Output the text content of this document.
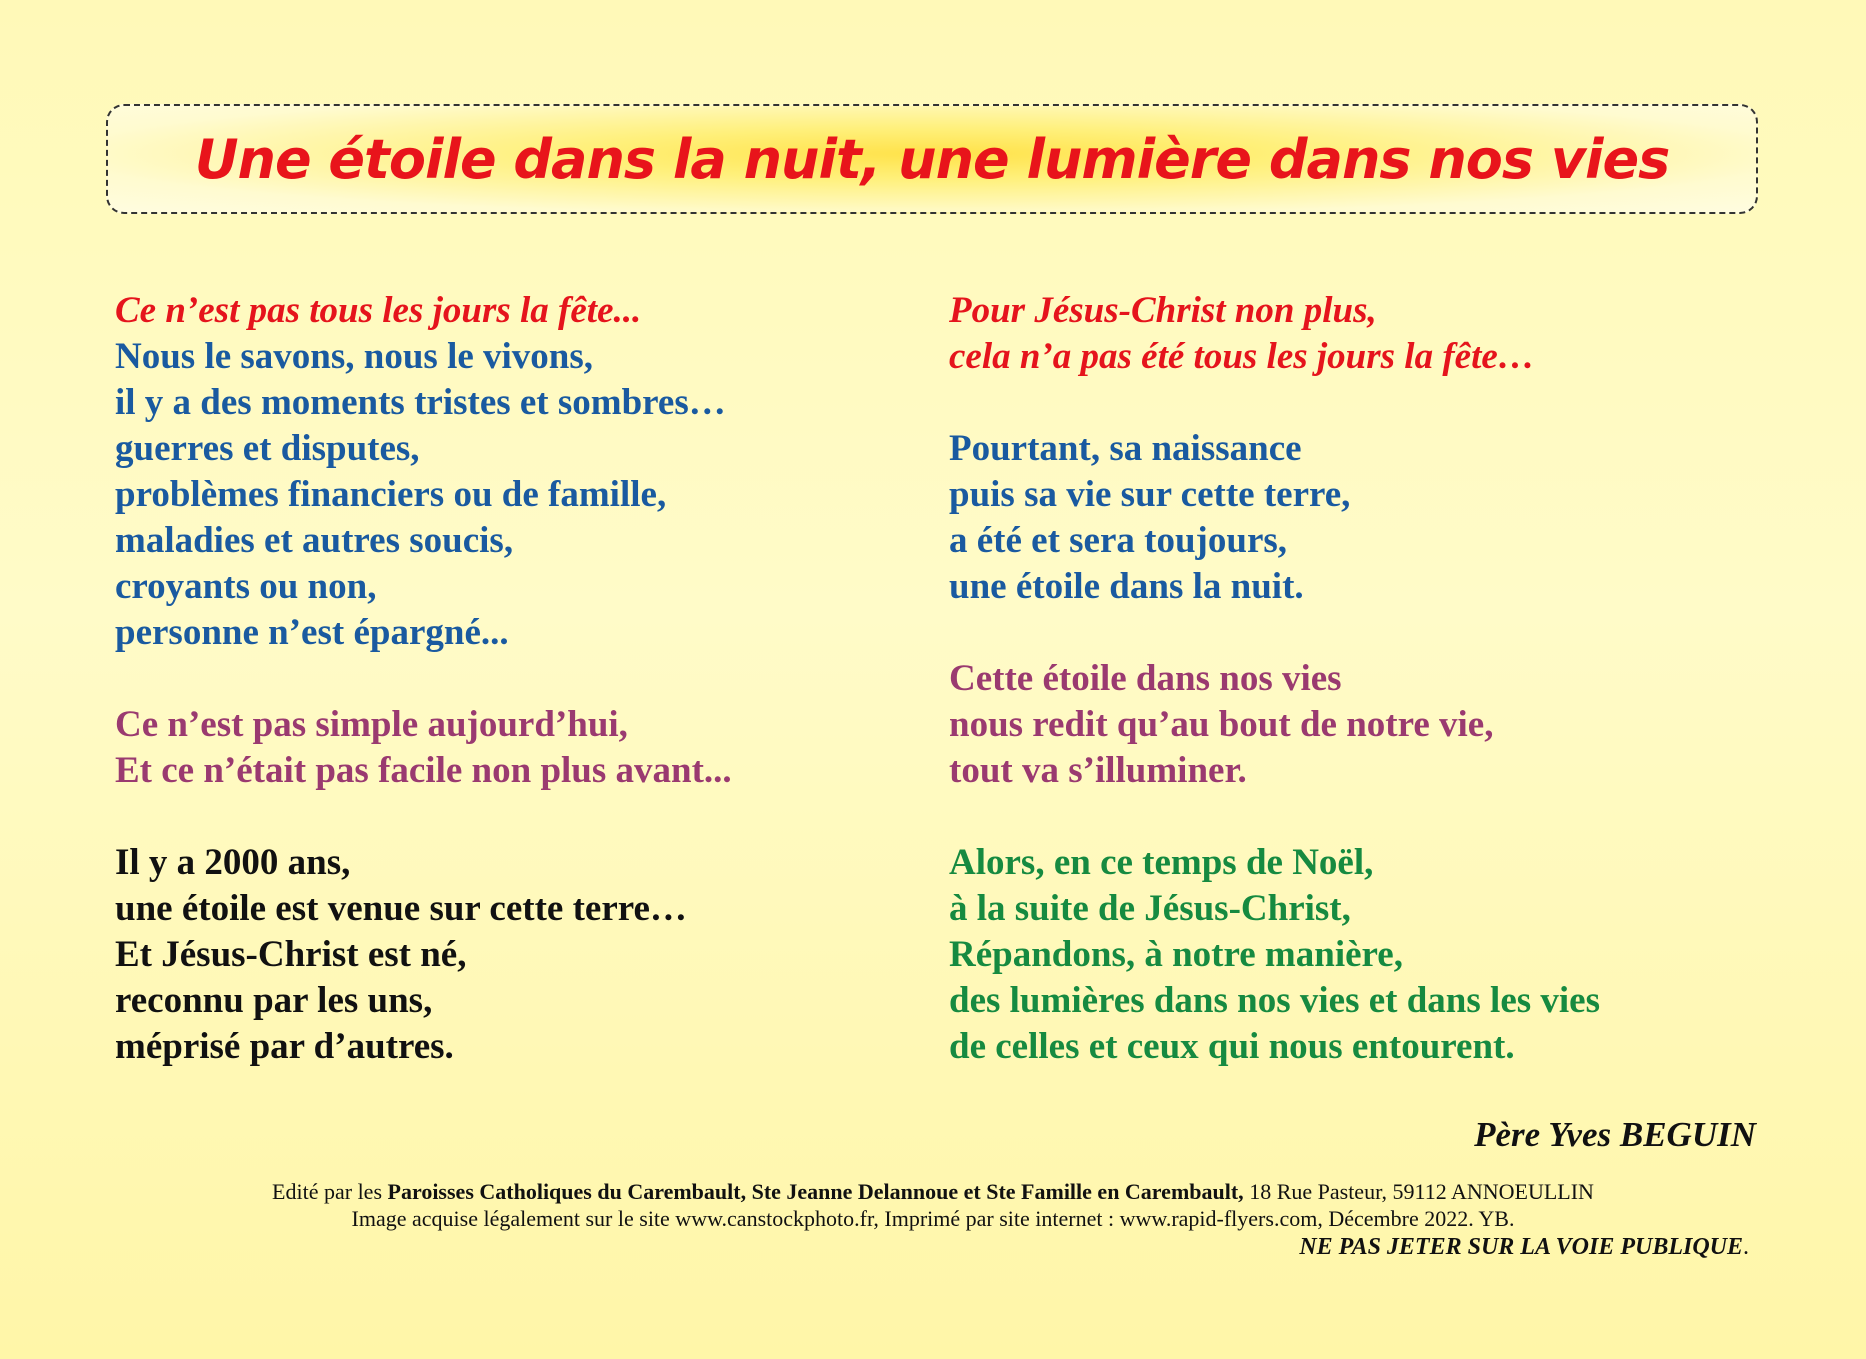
Une étoile dans la nuit, une lumière dans nos vies
Ce n’est pas tous les jours la fête...
Nous le savons, nous le vivons,
il y a des moments tristes et sombres…
guerres et disputes,
problèmes financiers ou de famille,
maladies et autres soucis,
croyants ou non,
personne n’est épargné...
Ce n’est pas simple aujourd’hui,
Et ce n’était pas facile non plus avant...
Il y a 2000 ans,
une étoile est venue sur cette terre…
Et Jésus-Christ est né,
reconnu par les uns,
méprisé par d’autres.
Pour Jésus-Christ non plus,
cela n’a pas été tous les jours la fête…
Pourtant, sa naissance
puis sa vie sur cette terre,
a été et sera toujours,
une étoile dans la nuit.
Cette étoile dans nos vies
nous redit qu’au bout de notre vie,
tout va s’illuminer.
Alors, en ce temps de Noël,
à la suite de Jésus-Christ,
Répandons, à notre manière,
des lumières dans nos vies et dans les vies
de celles et ceux qui nous entourent.
Père Yves BEGUIN
Edité par les Paroisses Catholiques du Carembault, Ste Jeanne Delannoue et Ste Famille en Carembault, 18 Rue Pasteur, 59112 ANNOEULLIN
Image acquise légalement sur le site www.canstockphoto.fr, Imprimé par site internet : www.rapid-flyers.com, Décembre 2022. YB.
NE PAS JETER SUR LA VOIE PUBLIQUE.
